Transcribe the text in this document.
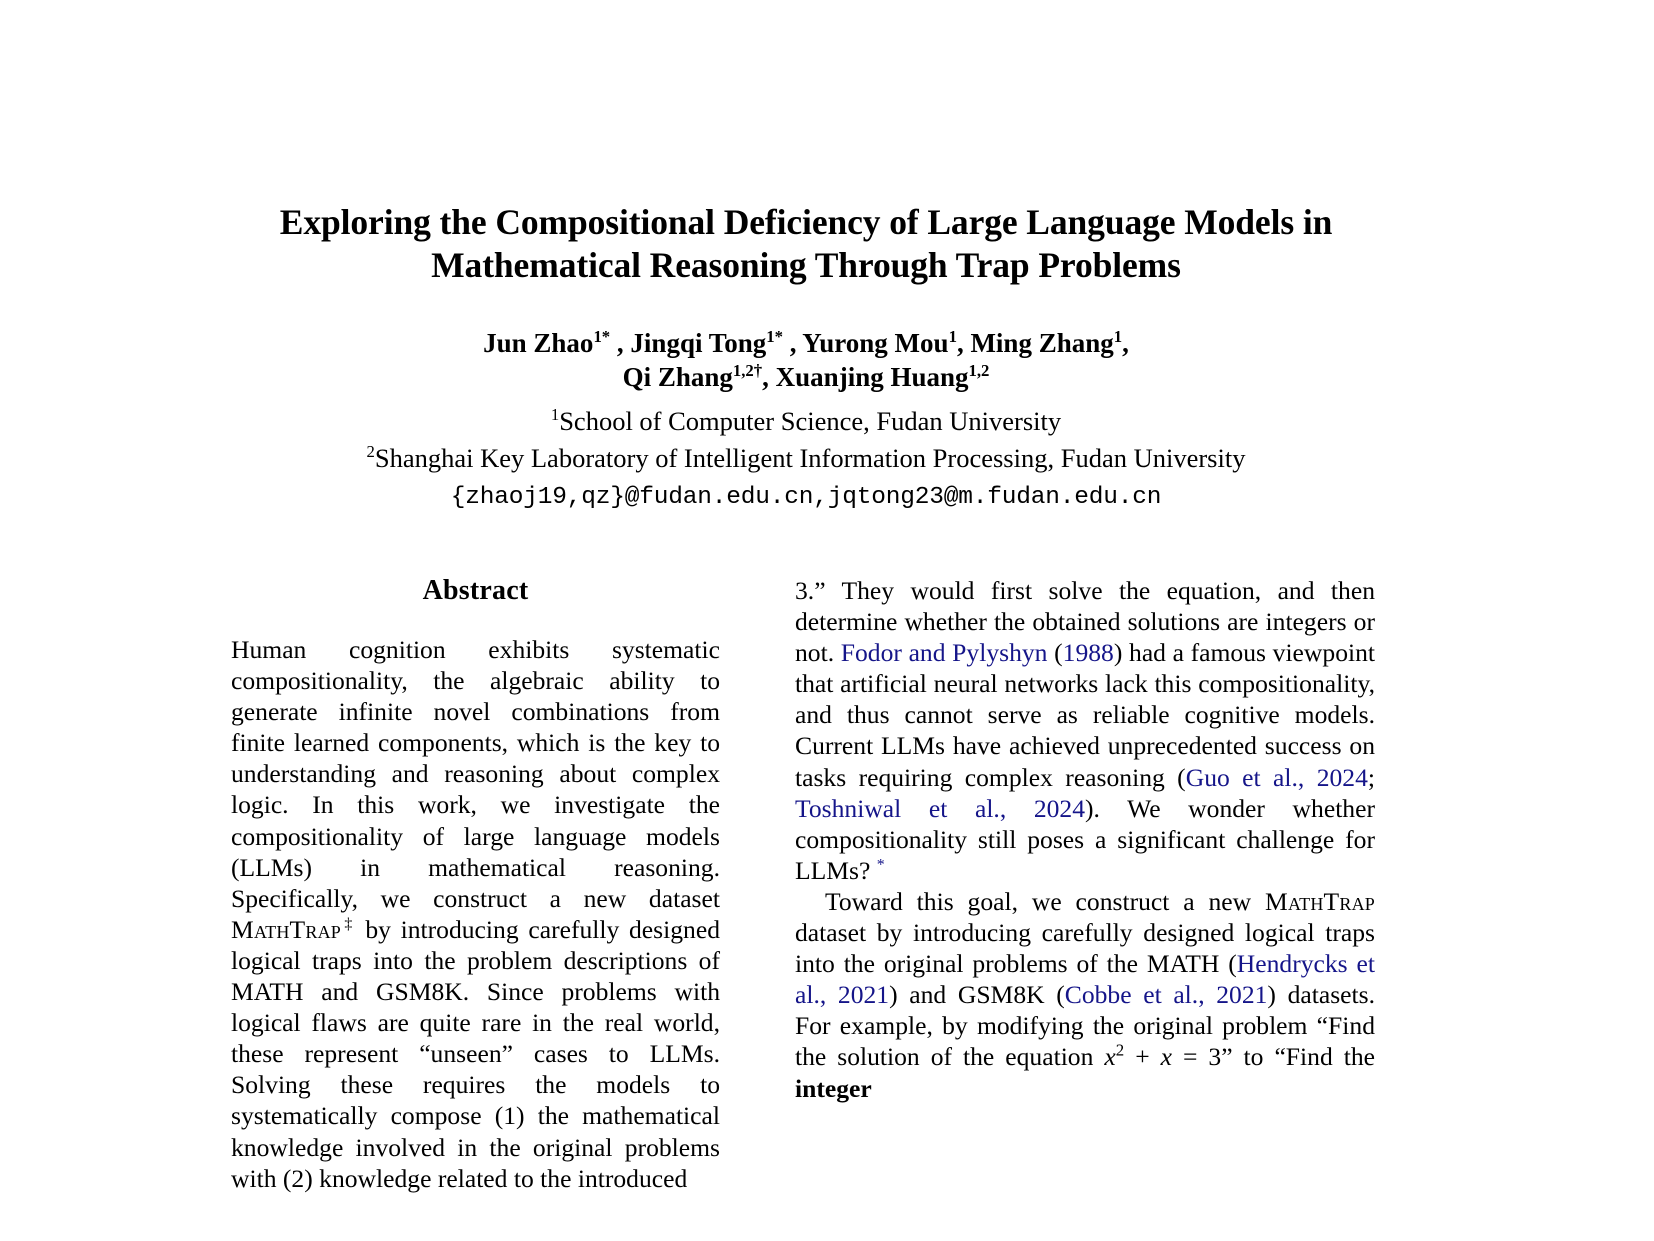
Exploring the Compositional Deficiency of Large Language Models in
Mathematical Reasoning Through Trap Problems
Jun Zhao$^{1*}$ , Jingqi Tong$^{1*}$ , Yurong Mou$^1$, Ming Zhang$^1$,
Qi Zhang$^{1,2\dagger}$, Xuanjing Huang$^{1,2}$
$^1$School of Computer Science, Fudan University
$^2$Shanghai Key Laboratory of Intelligent Information Processing, Fudan University
{zhaoj19,qz}@fudan.edu.cn,jqtong23@m.fudan.edu.cn
Abstract

Human cognition exhibits systematic compositionality, the algebraic ability to generate infinite novel combinations from finite learned components, which is the key to understanding and reasoning about complex logic. In this work, we investigate the compositionality of large language models (LLMs) in mathematical reasoning. Specifically, we construct a new dataset MathTrap‡ by introducing carefully designed logical traps into the problem descriptions of MATH and GSM8K. Since problems with logical flaws are quite rare in the real world, these represent “unseen” cases to LLMs. Solving these requires the models to systematically compose (1) the mathematical knowledge involved in the original problems with (2) knowledge related to the introduced

3.” They would first solve the equation, and then determine whether the obtained solutions are integers or not. Fodor and Pylyshyn (1988) had a famous viewpoint that artificial neural networks lack this compositionality, and thus cannot serve as reliable cognitive models. Current LLMs have achieved unprecedented success on tasks requiring complex reasoning (Guo et al., 2024; Toshniwal et al., 2024). We wonder whether compositionality still poses a significant challenge for LLMs? *

Toward this goal, we construct a new MathTrap dataset by introducing carefully designed logical traps into the original problems of the MATH (Hendrycks et al., 2021) and GSM8K (Cobbe et al., 2021) datasets. For example, by modifying the original problem “Find the solution of the equation $x^2 + x = 3$” to “Find the integer
